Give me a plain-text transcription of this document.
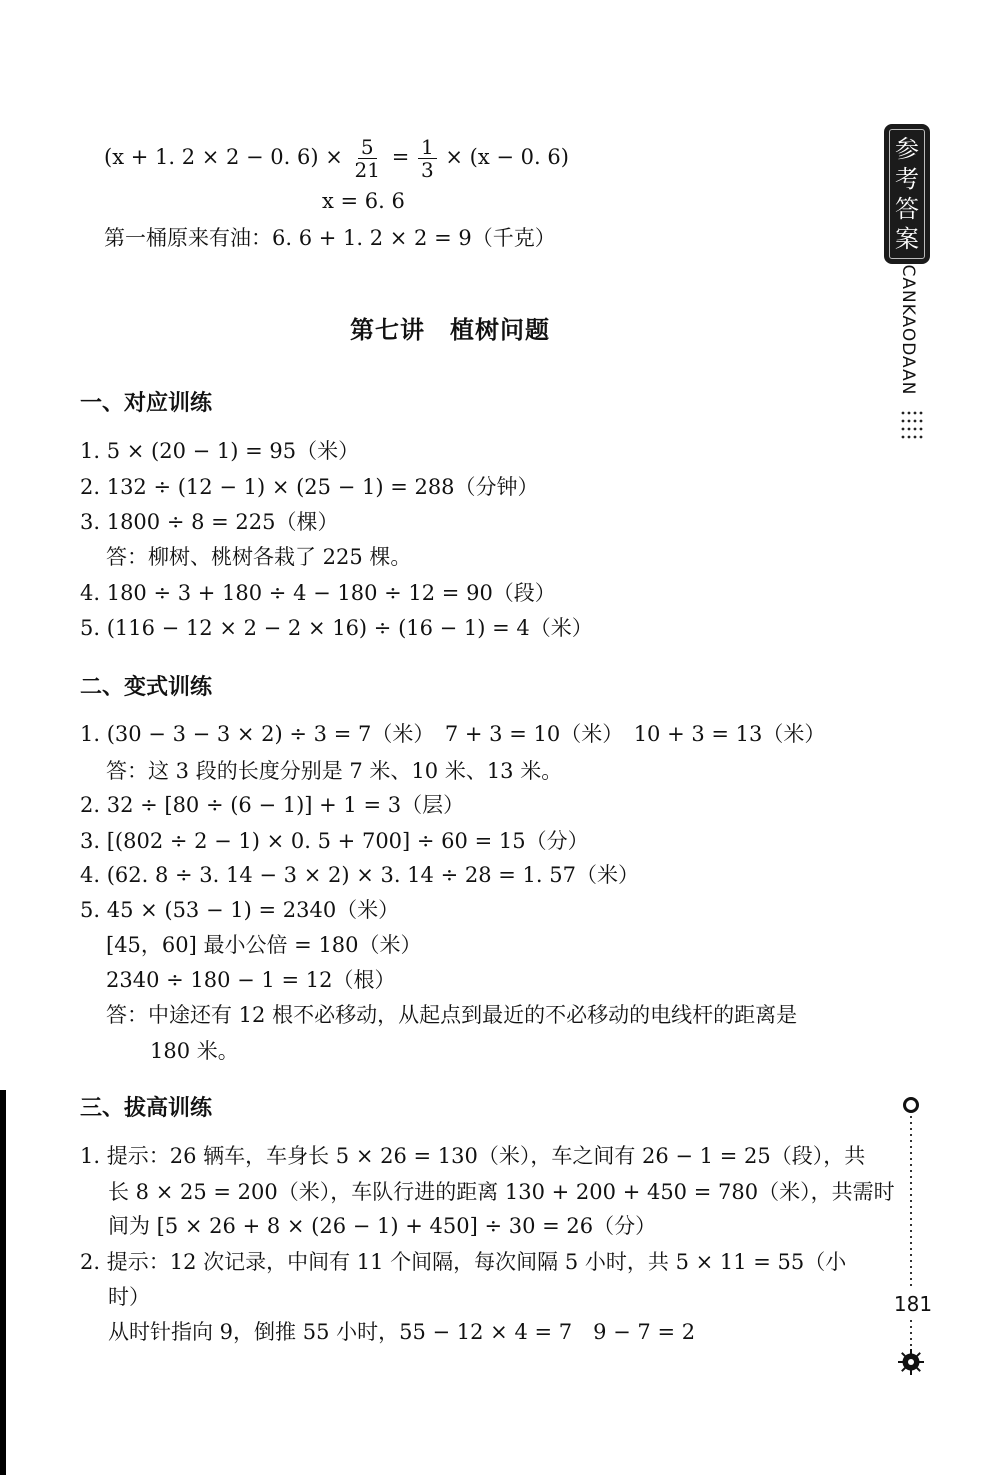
(x + 1. 2 × 2 − 0. $6) \times \frac{5}{21} = \frac{1}{3} \times (x - 0$. 6)

x = 6. 6

第一桶原来有油：6. 6 + 1. 2 × 2 = 9（千克）

第七讲　植树问题
一、对应训练

1. 5 × (20 − 1) = 95（米）

2. 132 ÷ (12 − 1) × (25 − 1) = 288（分钟）

3. 1800 ÷ 8 = 225（棵）

答：柳树、桃树各栽了 225 棵。

4. 180 ÷ 3 + 180 ÷ 4 − 180 ÷ 12 = 90（段）

5. (116 − 12 × 2 − 2 × 16) ÷ (16 − 1) = 4（米）

二、变式训练

1. (30 − 3 − 3 × 2) ÷ 3 = 7（米）　7 + 3 = 10（米）　10 + 3 = 13（米）

答：这 3 段的长度分别是 7 米、10 米、13 米。

2. 32 ÷ [80 ÷ (6 − 1)] + 1 = 3（层）

3. [(802 ÷ 2 − 1) × 0. 5 + 700] ÷ 60 = 15（分）

4. (62. 8 ÷ 3. 14 − 3 × 2) × 3. 14 ÷ 28 = 1. 57（米）

5. 45 × (53 − 1) = 2340（米）

[45，60] 最小公倍 = 180（米）

2340 ÷ 180 − 1 = 12（根）

答：中途还有 12 根不必移动，从起点到最近的不必移动的电线杆的距离是

180 米。

三、拔高训练

1. 提示：26 辆车，车身长 5 × 26 = 130（米），车之间有 26 − 1 = 25（段），共

长 8 × 25 = 200（米），车队行进的距离 130 + 200 + 450 = 780（米），共需时

间为 [5 × 26 + 8 × (26 − 1) + 450] ÷ 30 = 26（分）

2. 提示：12 次记录，中间有 11 个间隔，每次间隔 5 小时，共 5 × 11 = 55（小

时）

从时针指向 9，倒推 55 小时，55 − 12 × 4 = 7　9 − 7 = 2

参
考
答
案

CANKAODAAN

181
